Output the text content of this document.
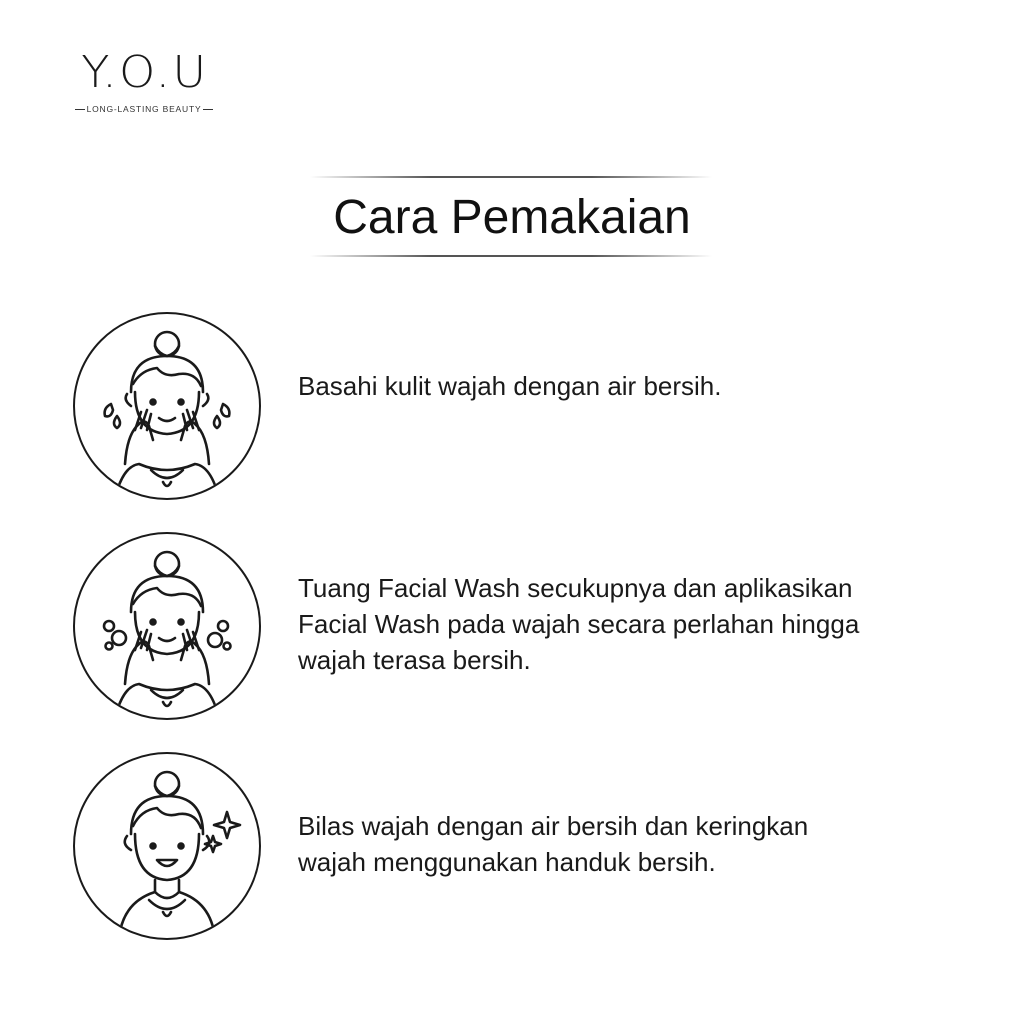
Y.O.U
LONG-LASTING BEAUTY
Cara Pemakaian
Basahi kulit wajah dengan air bersih.
Tuang Facial Wash secukupnya dan aplikasikan
Facial Wash pada wajah secara perlahan hingga
wajah terasa bersih.
Bilas wajah dengan air bersih dan keringkan
wajah menggunakan handuk bersih.
